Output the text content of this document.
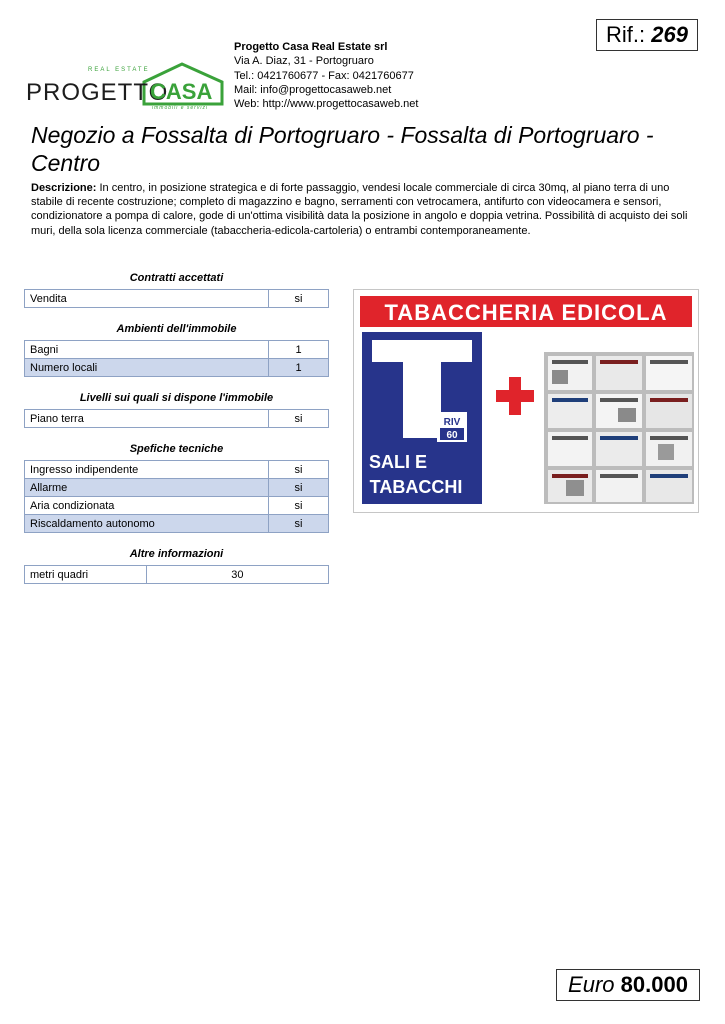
REAL ESTATE
PROGETTO
CASA
immobili e servizi
Progetto Casa Real Estate srl
Via A. Diaz, 31 - Portogruaro
Tel.: 0421760677 - Fax: 0421760677
Mail: info@progettocasaweb.net
Web: http://www.progettocasaweb.net
Rif.: 269
Negozio a Fossalta di Portogruaro - Fossalta di Portogruaro - Centro
Descrizione: In centro, in posizione strategica e di forte passaggio, vendesi locale commerciale di circa 30mq, al piano terra di uno stabile di recente costruzione; completo di magazzino e bagno, serramenti con vetrocamera, antifurto con videocamera e sensori, condizionatore a pompa di calore, gode di un'ottima visibilità data la posizione in angolo e doppia vetrina. Possibilità di acquisto dei soli muri, della sola licenza commerciale (tabaccheria-edicola-cartoleria) o entrambi contemporaneamente.
Contratti accettati
Vendita	si
Ambienti dell'immobile
Bagni	1
Numero locali	1
Livelli sui quali si dispone l'immobile
Piano terra	si
Spefiche tecniche
Ingresso indipendente	si
Allarme	si
Aria condizionata	si
Riscaldamento autonomo	si
Altre informazioni
metri quadri	30
TABACCHERIA EDICOLA
RIV
60
SALI E
TABACCHI
Euro 80.000
